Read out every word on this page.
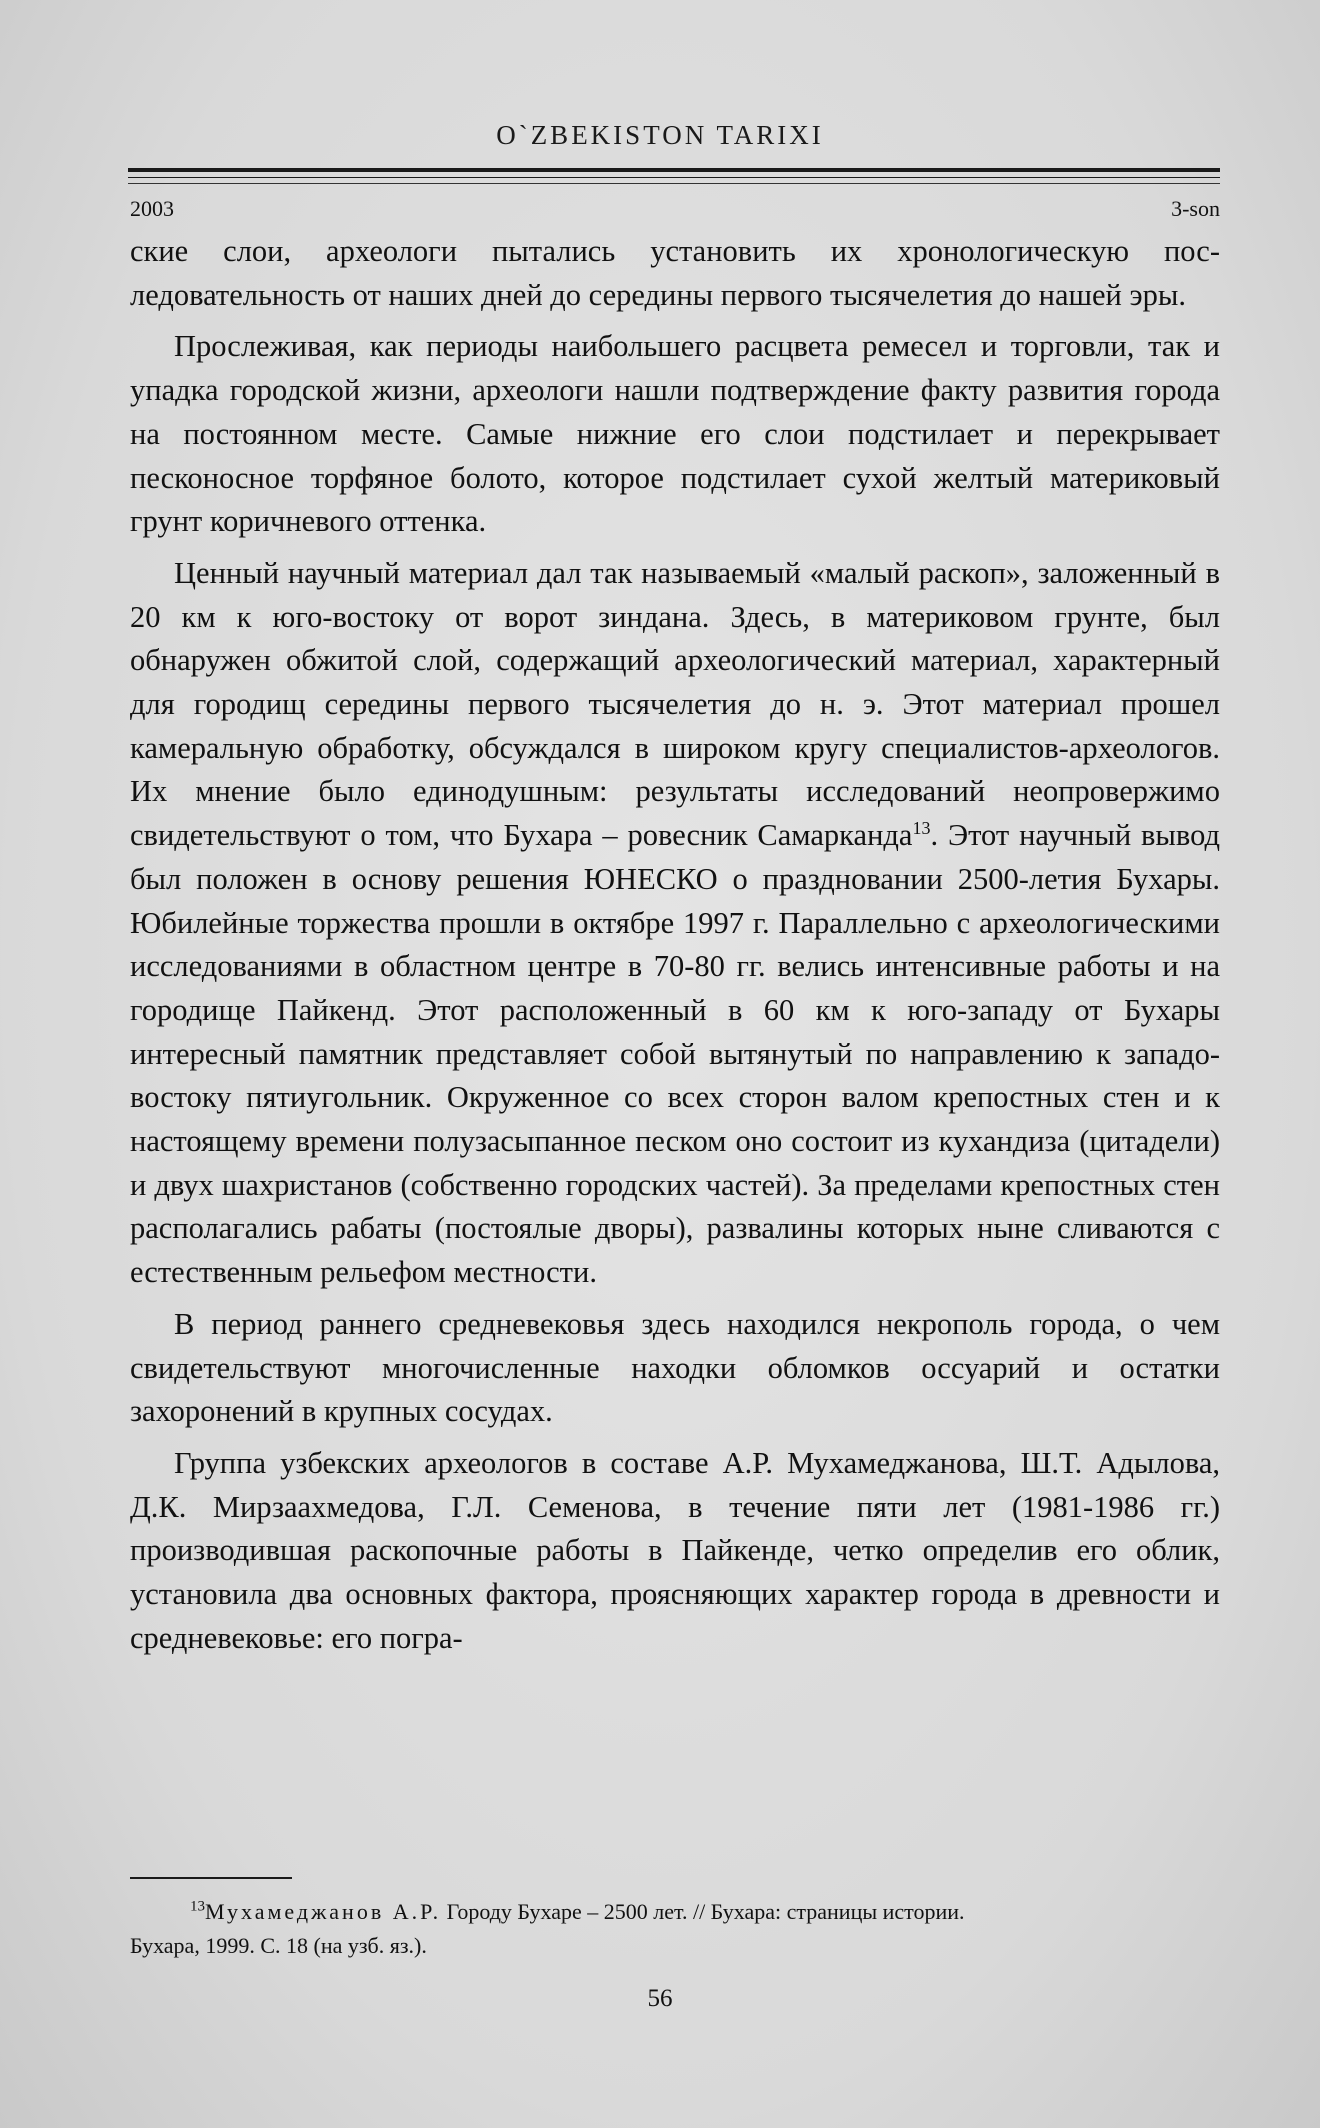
O`ZBEKISTON TARIXI
2003	3-son

ские слои, археологи пытались установить их хронологическую последовательность от наших дней до середины первого тысячелетия до нашей эры.

Прослеживая, как периоды наибольшего расцвета ремесел и торговли, так и упадка городской жизни, археологи нашли подтверждение факту развития города на постоянном месте. Самые нижние его слои подстилает и перекрывает песконосное торфяное болото, которое подстилает сухой желтый материковый грунт коричневого оттенка.

Ценный научный материал дал так называемый «малый раскоп», заложенный в 20 км к юго-востоку от ворот зиндана. Здесь, в материковом грунте, был обнаружен обжитой слой, содержащий археологический материал, характерный для городищ середины первого тысячелетия до н. э. Этот материал прошел камеральную обработку, обсуждался в широком кругу специалистов-археологов. Их мнение было единодушным: результаты исследований неопровержимо свидетельствуют о том, что Бухара – ровесник Самарканда$^{13}$. Этот научный вывод был положен в основу решения ЮНЕСКО о праздновании 2500-летия Бухары. Юбилейные торжества прошли в октябре 1997 г. Параллельно с археологическими исследованиями в областном центре в 70-80 гг. велись интенсивные работы и на городище Пайкенд. Этот расположенный в 60 км к юго-западу от Бухары интересный памятник представляет собой вытянутый по направлению к западо-востоку пятиугольник. Окруженное со всех сторон валом крепостных стен и к настоящему времени полузасыпанное песком оно состоит из кухандиза (цитадели) и двух шахристанов (собственно городских частей). За пределами крепостных стен располагались рабаты (постоялые дворы), развалины которых ныне сливаются с естественным рельефом местности.

В период раннего средневековья здесь находился некрополь города, о чем свидетельствуют многочисленные находки обломков оссуарий и остатки захоронений в крупных сосудах.

Группа узбекских археологов в составе А.Р. Мухамеджанова, Ш.Т. Адылова, Д.К. Мирзаахмедова, Г.Л. Семенова, в течение пяти лет (1981-1986 гг.) производившая раскопочные работы в Пайкенде, четко определив его облик, установила два основных фактора, проясняющих характер города в древности и средневековье: его погра-

$^{13}$Мухамеджанов А.Р. Городу Бухаре – 2500 лет. // Бухара: страницы истории.
Бухара, 1999. С. 18 (на узб. яз.).
56
